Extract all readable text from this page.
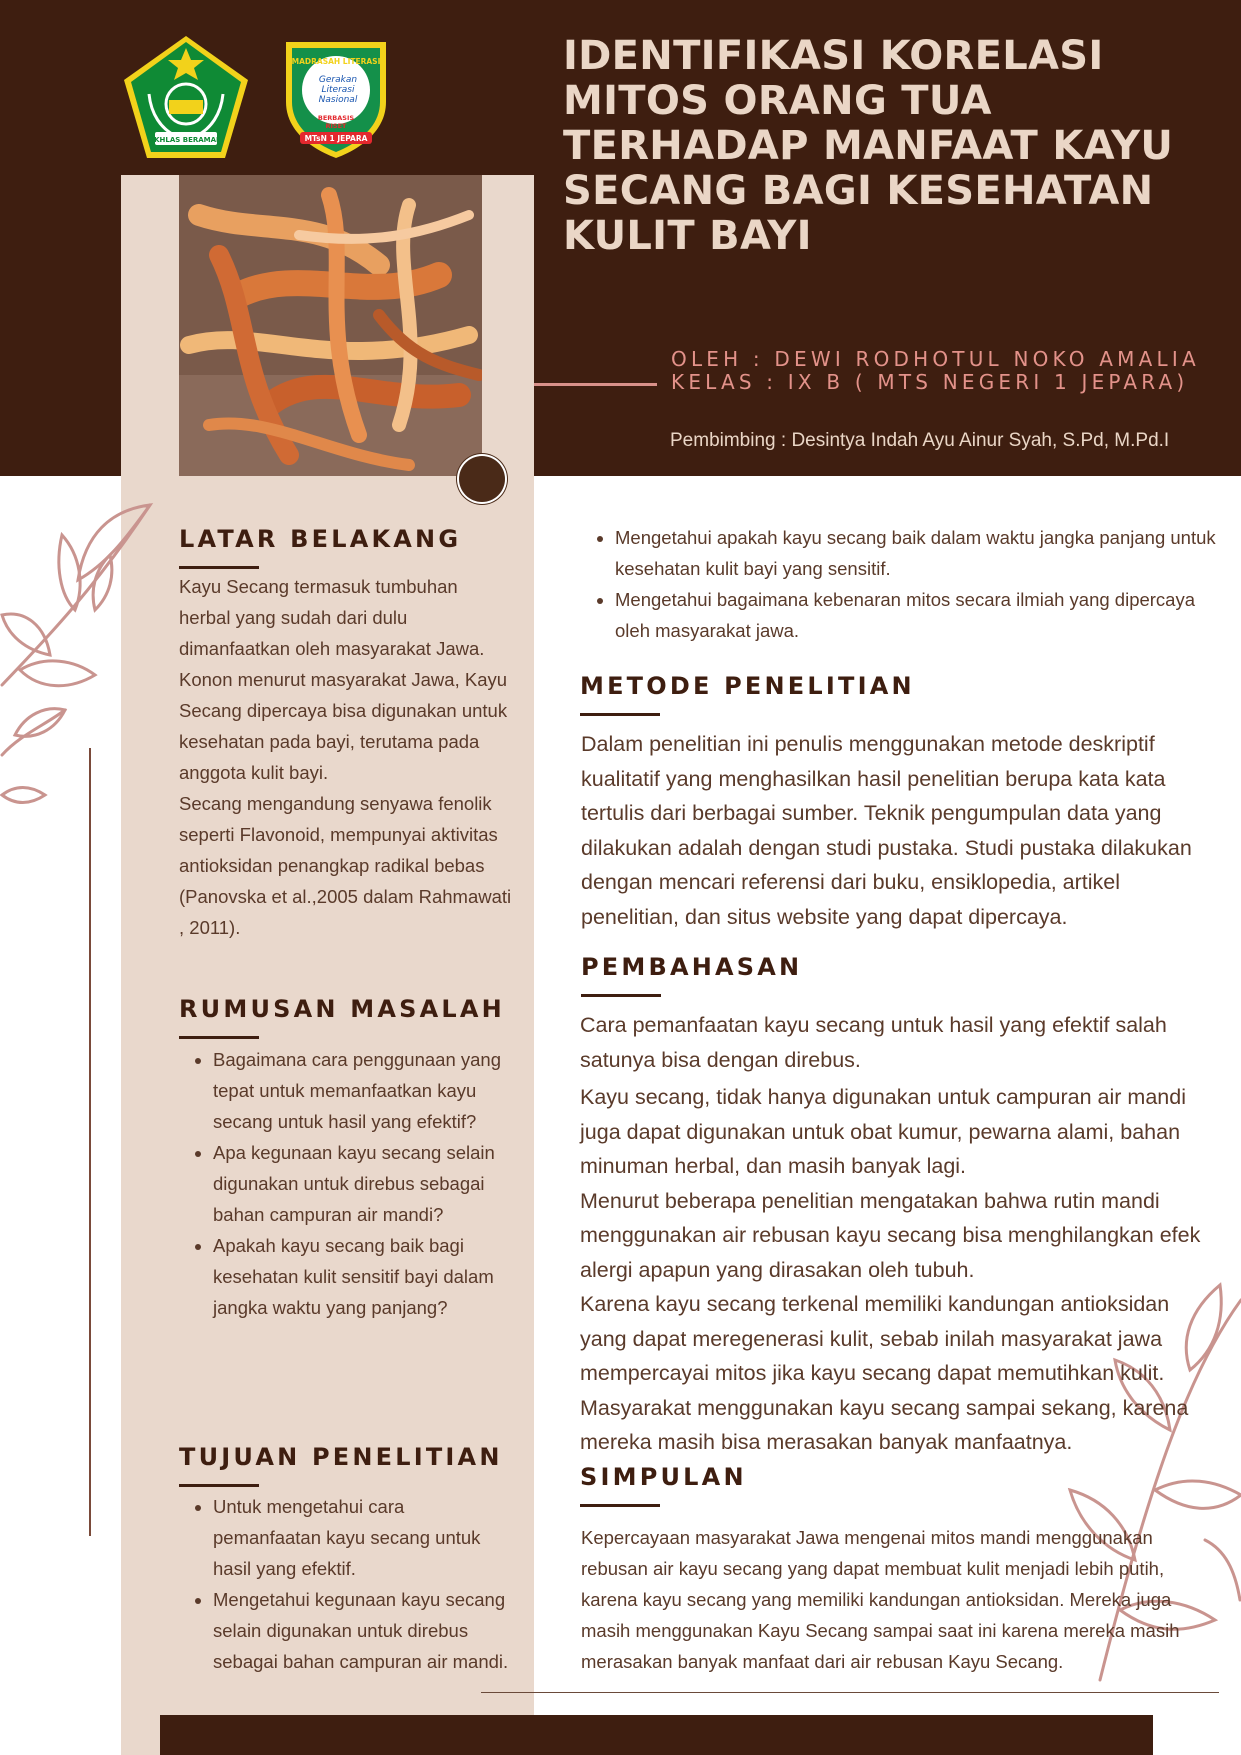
IKHLAS BERAMAL
MADRASAH LITERASI
Gerakan
Literasi
Nasional
BERBASIS
RISET
MTsN 1 JEPARA
IDENTIFIKASI KORELASI MITOS ORANG TUA TERHADAP MANFAAT KAYU SECANG BAGI KESEHATAN KULIT BAYI
OLEH : DEWI RODHOTUL NOKO AMALIA
KELAS : IX B ( MTS NEGERI 1 JEPARA)
Pembimbing : Desintya Indah Ayu Ainur Syah, S.Pd, M.Pd.I
LATAR BELAKANG

Kayu Secang termasuk tumbuhan herbal yang sudah dari dulu dimanfaatkan oleh masyarakat Jawa. Konon menurut masyarakat Jawa, Kayu Secang dipercaya bisa digunakan untuk kesehatan pada bayi, terutama pada anggota kulit bayi.

Secang mengandung senyawa fenolik seperti Flavonoid, mempunyai aktivitas antioksidan penangkap radikal bebas (Panovska et al.,2005 dalam Rahmawati , 2011).

RUMUSAN MASALAH
• Bagaimana cara penggunaan yang tepat untuk memanfaatkan kayu secang untuk hasil yang efektif?
• Apa kegunaan kayu secang selain digunakan untuk direbus sebagai bahan campuran air mandi?
• Apakah kayu secang baik bagi kesehatan kulit sensitif bayi dalam jangka waktu yang panjang?
TUJUAN PENELITIAN
• Untuk mengetahui cara pemanfaatan kayu secang untuk hasil yang efektif.
• Mengetahui kegunaan kayu secang selain digunakan untuk direbus sebagai bahan campuran air mandi.
• Mengetahui apakah kayu secang baik dalam waktu jangka panjang untuk kesehatan kulit bayi yang sensitif.
• Mengetahui bagaimana kebenaran mitos secara ilmiah yang dipercaya oleh masyarakat jawa.
METODE PENELITIAN

Dalam penelitian ini penulis menggunakan metode deskriptif kualitatif yang menghasilkan hasil penelitian berupa kata kata tertulis dari berbagai sumber. Teknik pengumpulan data yang dilakukan adalah dengan studi pustaka. Studi pustaka dilakukan dengan mencari referensi dari buku, ensiklopedia, artikel penelitian, dan situs website yang dapat dipercaya.

PEMBAHASAN

Cara pemanfaatan kayu secang untuk hasil yang efektif salah satunya bisa dengan direbus.

Kayu secang, tidak hanya digunakan untuk campuran air mandi juga dapat digunakan untuk obat kumur, pewarna alami, bahan minuman herbal, dan masih banyak lagi.

Menurut beberapa penelitian mengatakan bahwa rutin mandi menggunakan air rebusan kayu secang bisa menghilangkan efek alergi apapun yang dirasakan oleh tubuh.

Karena kayu secang terkenal memiliki kandungan antioksidan yang dapat meregenerasi kulit, sebab inilah masyarakat jawa mempercayai mitos jika kayu secang dapat memutihkan kulit. Masyarakat menggunakan kayu secang sampai sekang, karena mereka masih bisa merasakan banyak manfaatnya.

SIMPULAN

Kepercayaan masyarakat Jawa mengenai mitos mandi menggunakan rebusan air kayu secang yang dapat membuat kulit menjadi lebih putih, karena kayu secang yang memiliki kandungan antioksidan. Mereka juga masih menggunakan Kayu Secang sampai saat ini karena mereka masih merasakan banyak manfaat dari air rebusan Kayu Secang.
